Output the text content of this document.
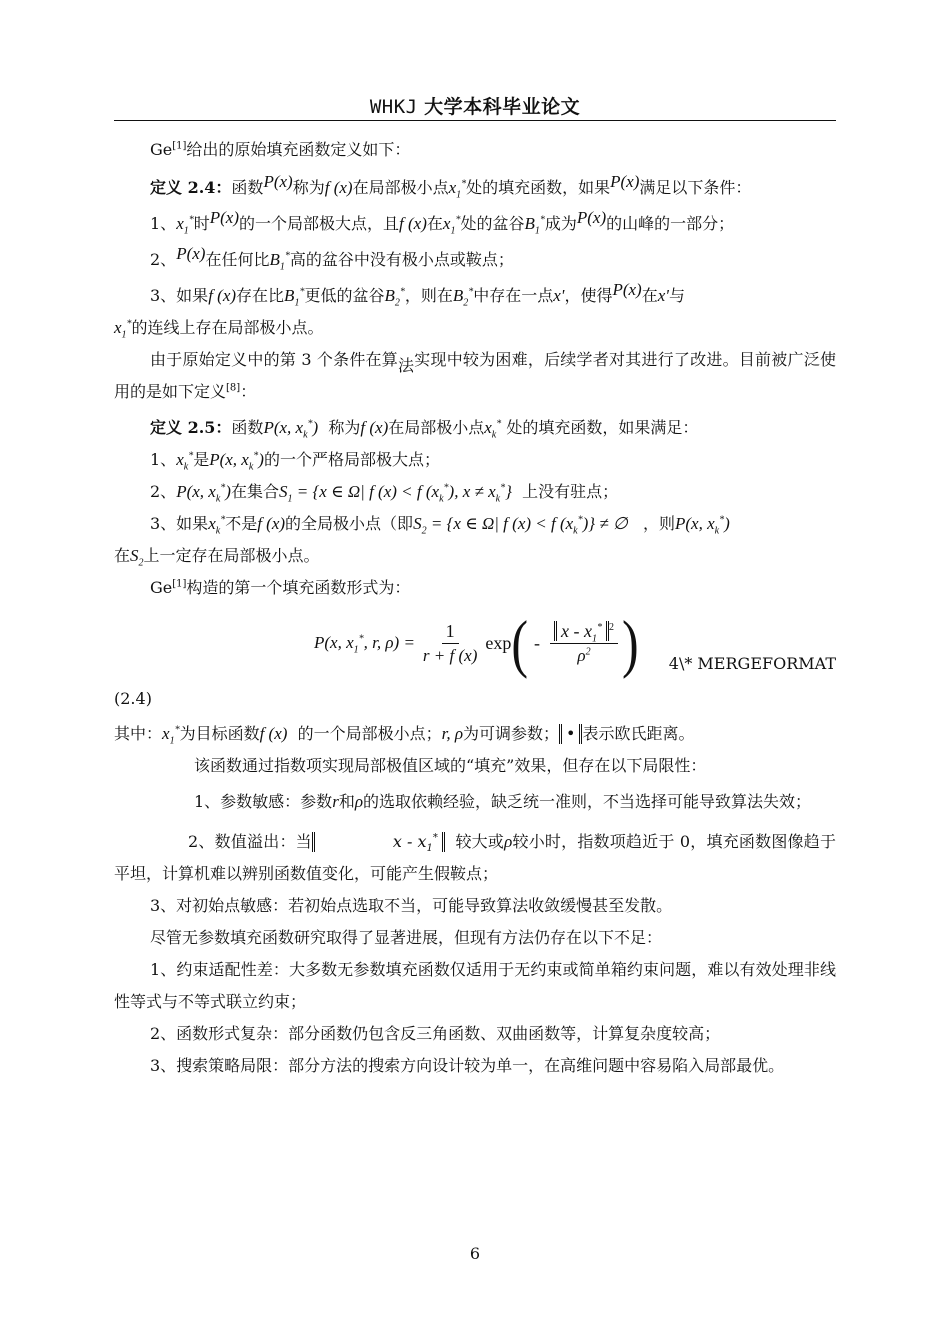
WHKJ 大学本科毕业论文

Ge[1]给出的原始填充函数定义如下：

定义 2.4：函数P(x)称为f (x)在局部极小点$x_1^*$处的填充函数，如果P(x)满足以下条件：

1、$x_1^*$时P(x)的一个局部极大点，且f (x)在$x_1^*$处的盆谷$B_1^*$成为P(x)的山峰的一部分；

2、P(x)在任何比$B_1^*$高的盆谷中没有极小点或鞍点；

3、如果f (x)存在比$B_1^*$更低的盆谷$B_2^*$，则在$B_2^*$中存在一点x'，使得P(x)在x'与
$x_1^*$的连线上存在局部极小点。

由于原始定义中的第 3 个条件在算法实现中较为困难，后续学者对其进行了改进。目前被广泛使用的是如下定义[8]：

定义 2.5：函数P(x, $x_k^*$) 称为f (x)在局部极小点$x_k^*$ 处的填充函数，如果满足：

1、$x_k^*$是P(x, $x_k^*$)的一个严格局部极大点；

2、P(x, $x_k^*$)在集合$S_1 = \{x$ ∈ Ω| f (x) < f $(x_k^*)$, $x \ne x_k^*$} 上没有驻点；

3、如果$x_k^*$不是f (x)的全局极小点（即$S_2 = \{x$ ∈ Ω| f (x) < f $(x_k^*)$} ≠ ∅ ，则P(x, $x_k^*$)
在$S_2$上一定存在局部极小点。

Ge[1]构造的第一个填充函数形式为：

P(x, $x_1^*$, r, $\rho) = \frac{1}{r + f (x)}$ exp ( - $\frac{x - x_1^* ^2}{\rho^2}$ ) 4\* MERGEFORMAT

(2.4)

其中：$x_1^*$为目标函数f (x) 的一个局部极小点；r, ρ为可调参数； • 表示欧氏距离。

该函数通过指数项实现局部极值区域的“填充”效果，但存在以下局限性：

1、参数敏感：参数r和ρ的选取依赖经验，缺乏统一准则，不当选择可能导致算法失效；

2、数值溢出：当	x - $x_1^*$ 较大或ρ较小时，指数项趋近于 0，填充函数图像趋于平坦，计算机难以辨别函数值变化，可能产生假鞍点；

3、对初始点敏感：若初始点选取不当，可能导致算法收敛缓慢甚至发散。

尽管无参数填充函数研究取得了显著进展，但现有方法仍存在以下不足：

1、约束适配性差：大多数无参数填充函数仅适用于无约束或简单箱约束问题，难以有效处理非线性等式与不等式联立约束；

2、函数形式复杂：部分函数仍包含反三角函数、双曲函数等，计算复杂度较高；

3、搜索策略局限：部分方法的搜索方向设计较为单一，在高维问题中容易陷入局部最优。

6
